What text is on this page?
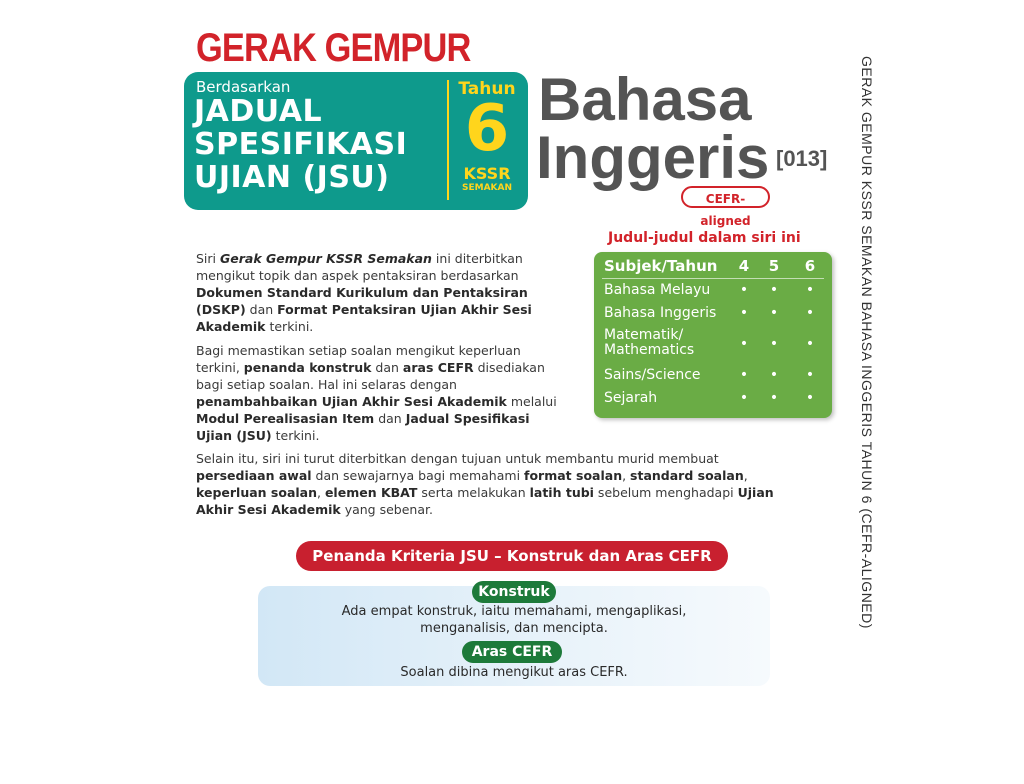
GERAK GEMPUR
Berdasarkan
JADUAL
SPESIFIKASI
UJIAN (JSU)
Tahun
6
KSSR
SEMAKAN
Bahasa
Inggeris [013]
CEFR-aligned	GERAK GEMPUR KSSR SEMAKAN BAHASA INGGERIS TAHUN 6 (CEFR-ALIGNED)
Siri Gerak Gempur KSSR Semakan ini diterbitkan mengikut topik dan aspek pentaksiran berdasarkan Dokumen Standard Kurikulum dan Pentaksiran (DSKP) dan Format Pentaksiran Ujian Akhir Sesi Akademik terkini.
Bagi memastikan setiap soalan mengikut keperluan terkini, penanda konstruk dan aras CEFR disediakan bagi setiap soalan. Hal ini selaras dengan penambahbaikan Ujian Akhir Sesi Akademik melalui Modul Perealisasian Item dan Jadual Spesifikasi Ujian (JSU) terkini.
Selain itu, siri ini turut diterbitkan dengan tujuan untuk membantu murid membuat persediaan awal dan sewajarnya bagi memahami format soalan, standard soalan, keperluan soalan, elemen KBAT serta melakukan latih tubi sebelum menghadapi Ujian Akhir Sesi Akademik yang sebenar.
Judul-judul dalam siri ini
Subjek/Tahun	4	5	6
Bahasa Melayu	•	•	•
Bahasa Inggeris	•	•	•
Matematik/ Mathematics	•	•	•
Sains/Science	•	•	•
Sejarah	•	•	•
Penanda Kriteria JSU – Konstruk dan Aras CEFR
Konstruk
Ada empat konstruk, iaitu memahami, mengaplikasi,
menganalisis, dan mencipta.
Aras CEFR
Soalan dibina mengikut aras CEFR.
